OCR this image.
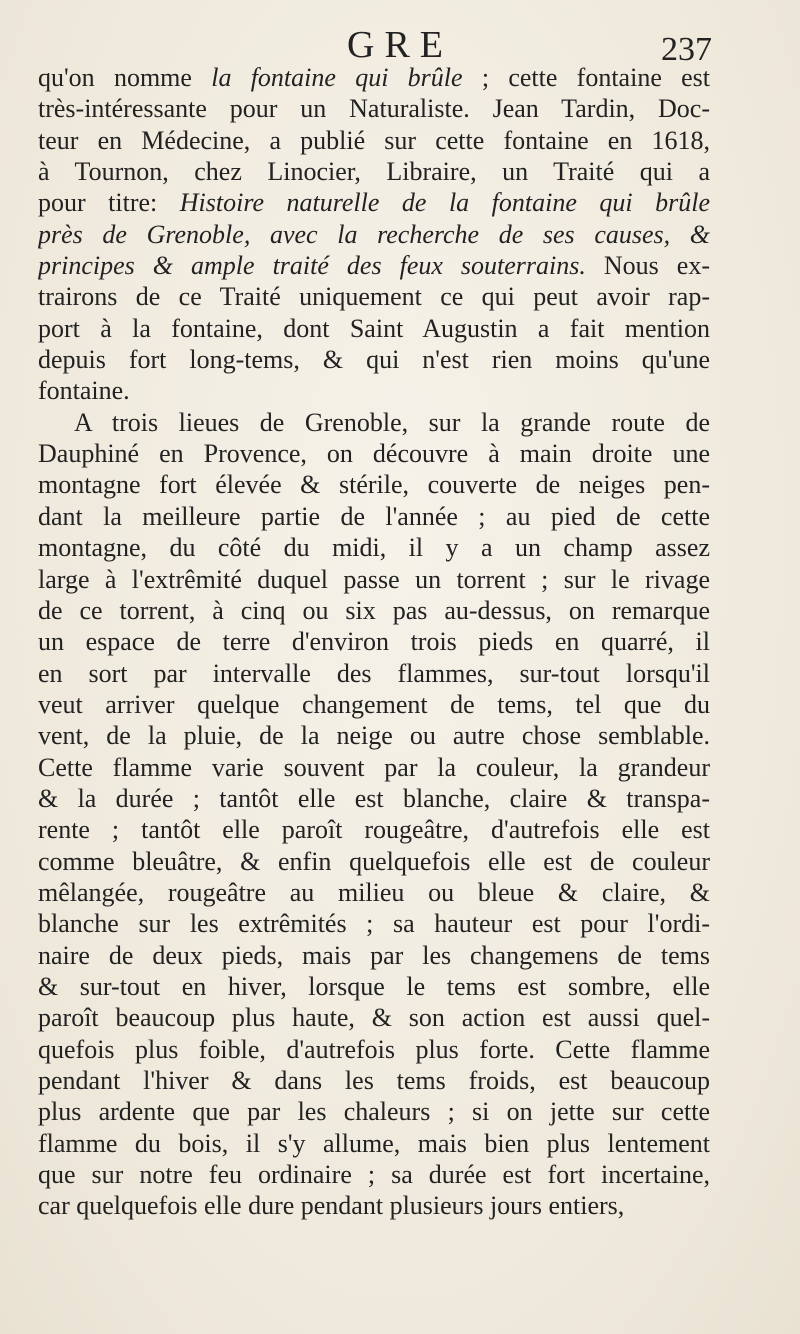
GRE	237
qu'on nomme la fontaine qui brûle ; cette fontaine est
très-intéressante pour un Naturaliste. Jean Tardin, Doc-
teur en Médecine, a publié sur cette fontaine en 1618,
à Tournon, chez Linocier, Libraire, un Traité qui a
pour titre: Histoire naturelle de la fontaine qui brûle
près de Grenoble, avec la recherche de ses causes, &
principes & ample traité des feux souterrains. Nous ex-
trairons de ce Traité uniquement ce qui peut avoir rap-
port à la fontaine, dont Saint Augustin a fait mention
depuis fort long-tems, & qui n'est rien moins qu'une
fontaine.
A trois lieues de Grenoble, sur la grande route de
Dauphiné en Provence, on découvre à main droite une
montagne fort élevée & stérile, couverte de neiges pen-
dant la meilleure partie de l'année ; au pied de cette
montagne, du côté du midi, il y a un champ assez
large à l'extrêmité duquel passe un torrent ; sur le rivage
de ce torrent, à cinq ou six pas au-dessus, on remarque
un espace de terre d'environ trois pieds en quarré, il
en sort par intervalle des flammes, sur-tout lorsqu'il
veut arriver quelque changement de tems, tel que du
vent, de la pluie, de la neige ou autre chose semblable.
Cette flamme varie souvent par la couleur, la grandeur
& la durée ; tantôt elle est blanche, claire & transpa-
rente ; tantôt elle paroît rougeâtre, d'autrefois elle est
comme bleuâtre, & enfin quelquefois elle est de couleur
mêlangée, rougeâtre au milieu ou bleue & claire, &
blanche sur les extrêmités ; sa hauteur est pour l'ordi-
naire de deux pieds, mais par les changemens de tems
& sur-tout en hiver, lorsque le tems est sombre, elle
paroît beaucoup plus haute, & son action est aussi quel-
quefois plus foible, d'autrefois plus forte. Cette flamme
pendant l'hiver & dans les tems froids, est beaucoup
plus ardente que par les chaleurs ; si on jette sur cette
flamme du bois, il s'y allume, mais bien plus lentement
que sur notre feu ordinaire ; sa durée est fort incertaine,
car quelquefois elle dure pendant plusieurs jours entiers,
